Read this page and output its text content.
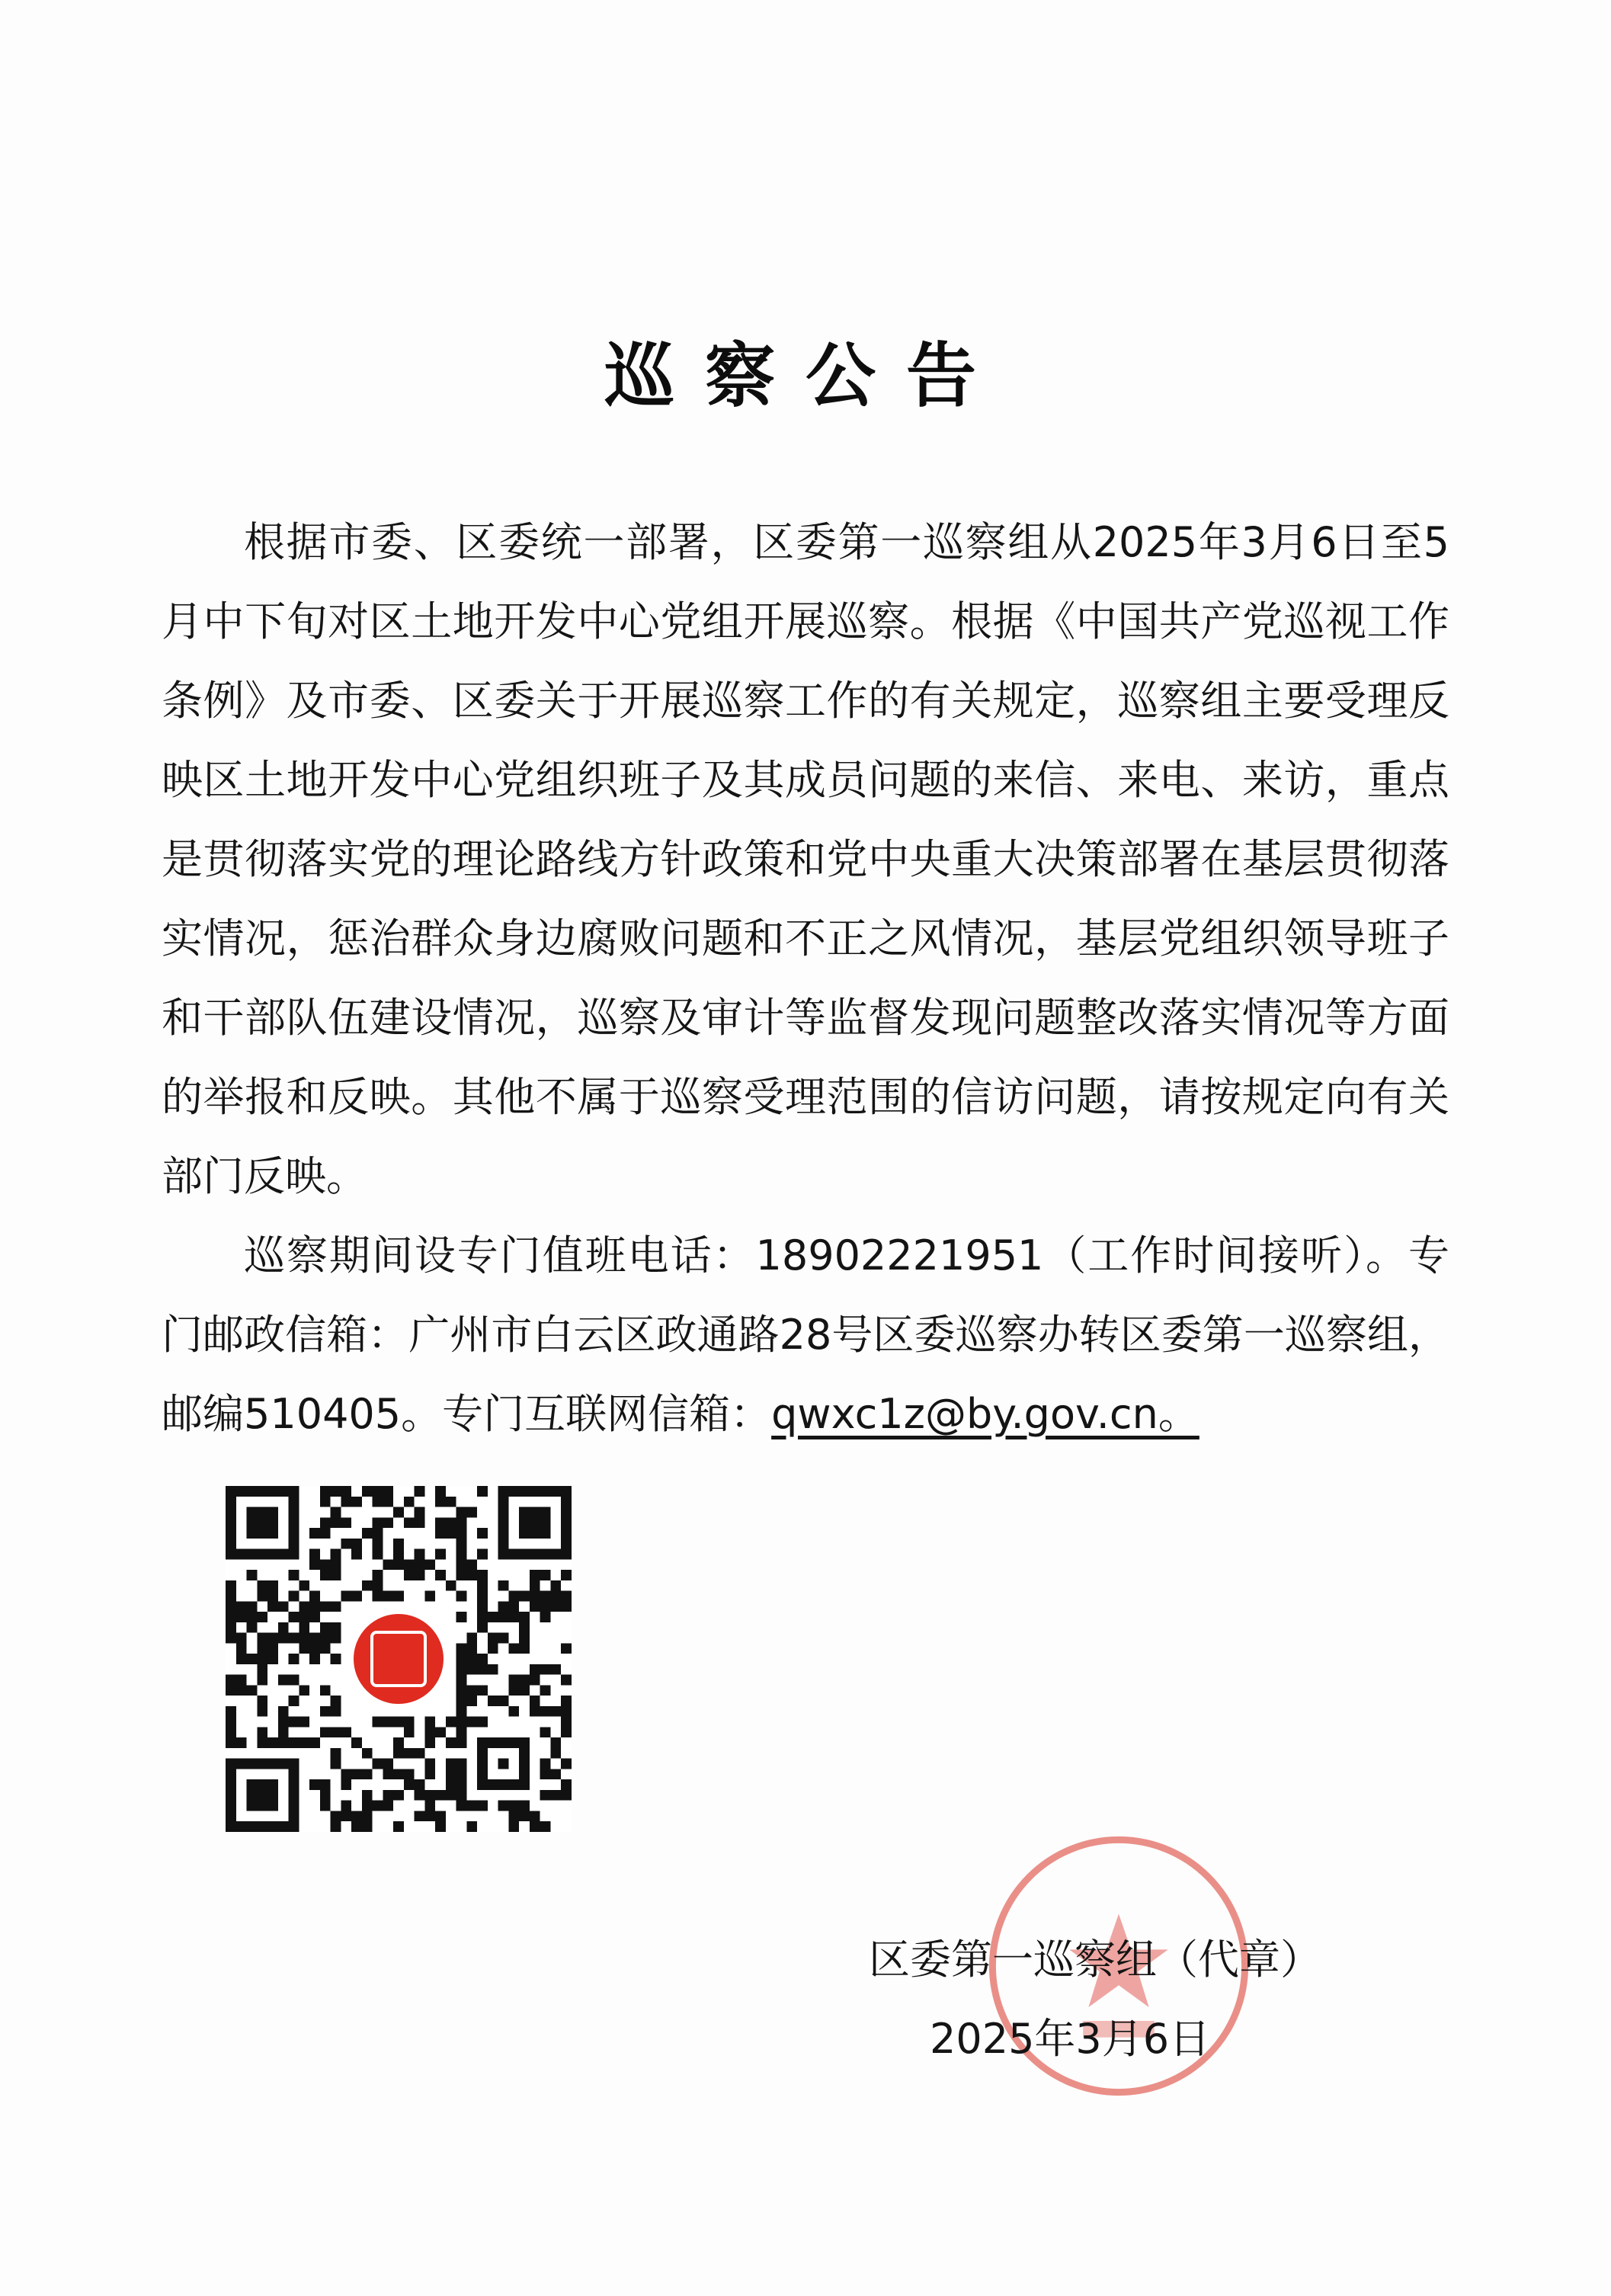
巡察公告

根据市委、区委统一部署，区委第一巡察组从2025年3月6日至5月中下旬对区土地开发中心党组开展巡察。根据《中国共产党巡视工作条例》及市委、区委关于开展巡察工作的有关规定，巡察组主要受理反映区土地开发中心党组织班子及其成员问题的来信、来电、来访，重点是贯彻落实党的理论路线方针政策和党中央重大决策部署在基层贯彻落实情况，惩治群众身边腐败问题和不正之风情况，基层党组织领导班子和干部队伍建设情况，巡察及审计等监督发现问题整改落实情况等方面的举报和反映。其他不属于巡察受理范围的信访问题，请按规定向有关部门反映。

巡察期间设专门值班电话：18902221951（工作时间接听）。专门邮政信箱：广州市白云区政通路28号区委巡察办转区委第一巡察组，邮编510405。专门互联网信箱：qwxc1z@by.gov.cn。

区委第一巡察组（代章）
2025年3月6日
